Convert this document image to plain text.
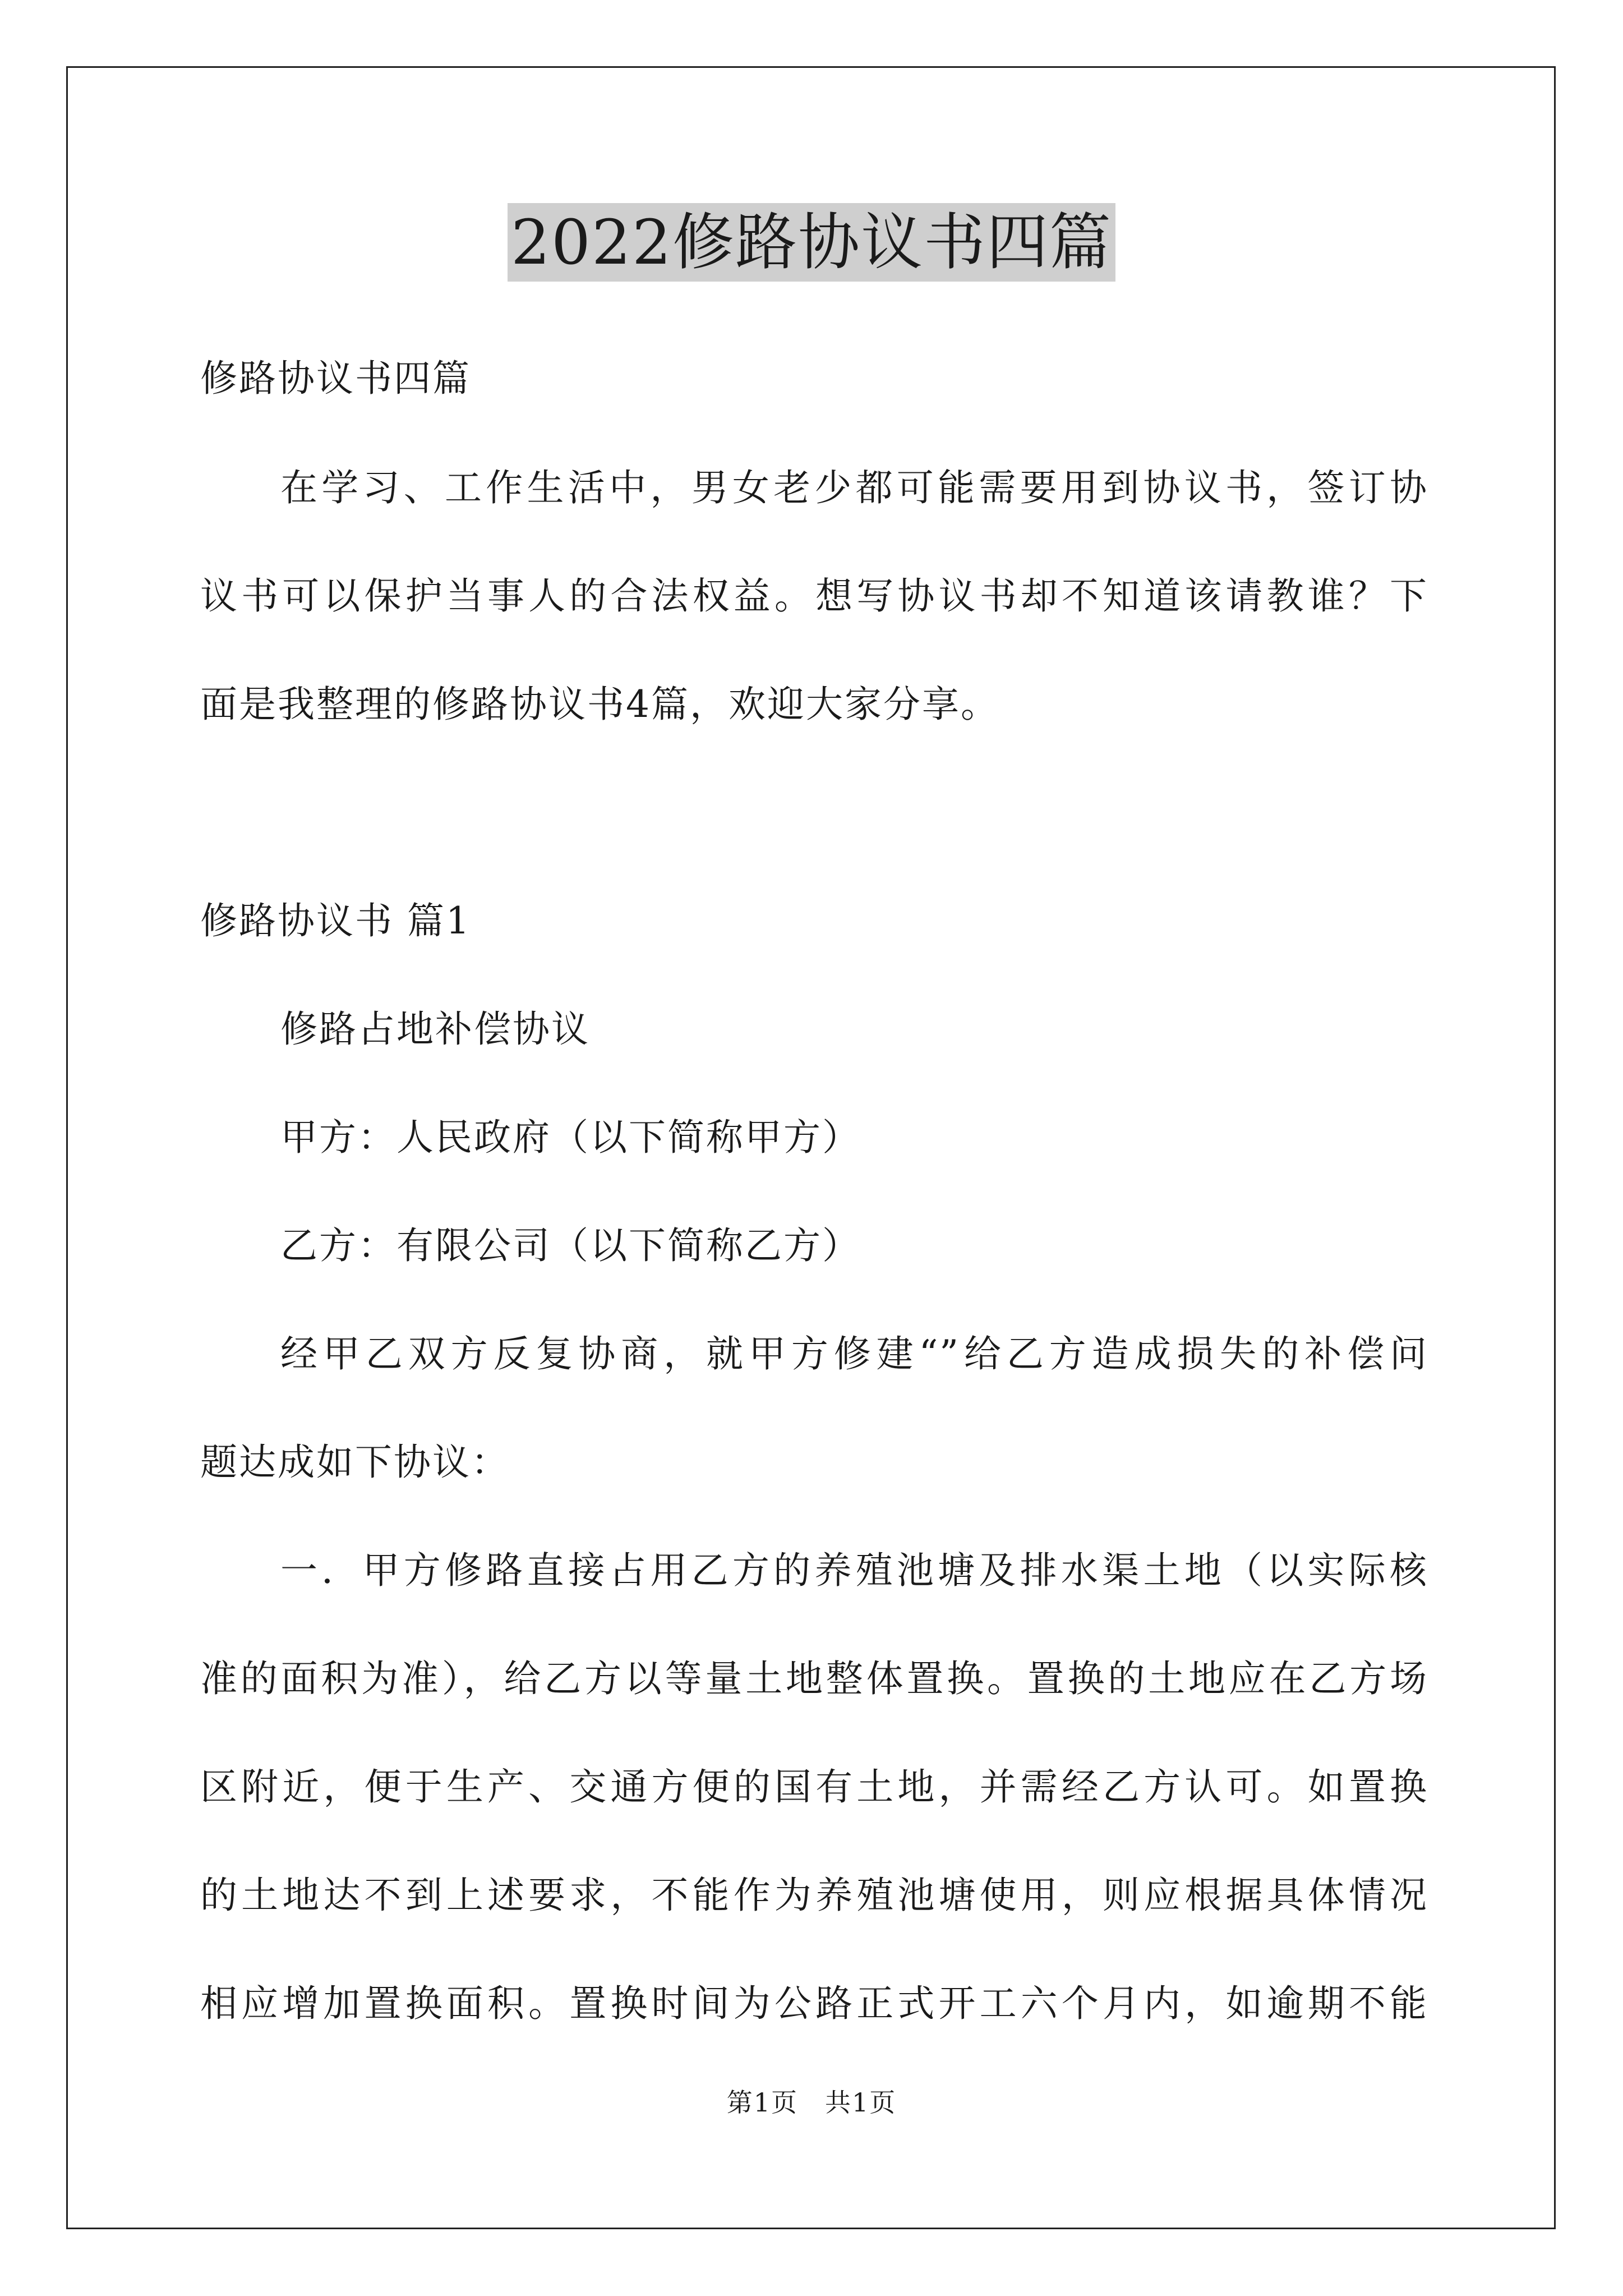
2022修路协议书四篇
修路协议书四篇
在学习、工作生活中，男女老少都可能需要用到协议书，签订协
议书可以保护当事人的合法权益。想写协议书却不知道该请教谁？下
面是我整理的修路协议书4篇，欢迎大家分享。
修路协议书 篇1
修路占地补偿协议
甲方：人民政府（以下简称甲方）
乙方：有限公司（以下简称乙方）
经甲乙双方反复协商，就甲方修建“”给乙方造成损失的补偿问
题达成如下协议：
一．甲方修路直接占用乙方的养殖池塘及排水渠土地（以实际核
准的面积为准），给乙方以等量土地整体置换。置换的土地应在乙方场
区附近，便于生产、交通方便的国有土地，并需经乙方认可。如置换
的土地达不到上述要求，不能作为养殖池塘使用，则应根据具体情况
相应增加置换面积。置换时间为公路正式开工六个月内，如逾期不能
第1页　共1页
